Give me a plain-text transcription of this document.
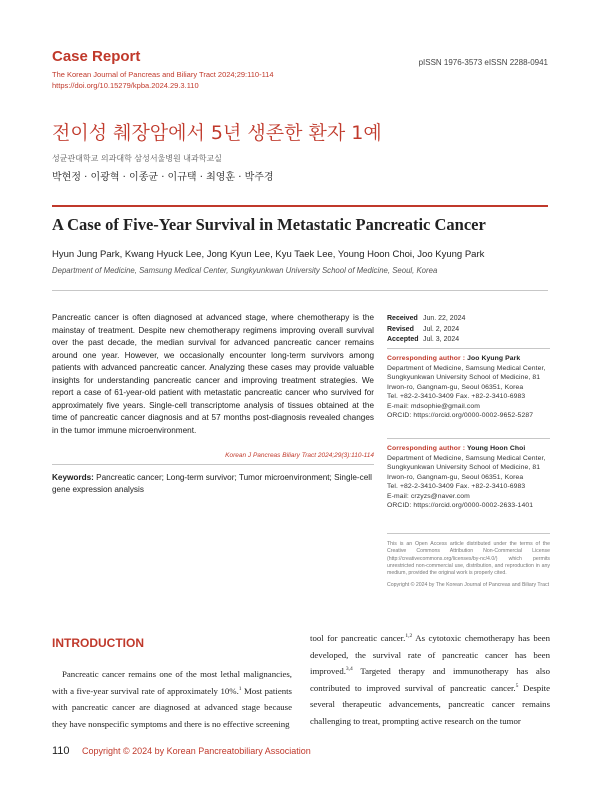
Case Report
The Korean Journal of Pancreas and Biliary Tract 2024;29:110-114
https://doi.org/10.15279/kpba.2024.29.3.110
pISSN 1976-3573 eISSN 2288-0941
전이성 췌장암에서 5년 생존한 환자 1예
성균관대학교 의과대학 삼성서울병원 내과학교실
박현정 · 이광혁 · 이종균 · 이규택 · 최영훈 · 박주경
A Case of Five-Year Survival in Metastatic Pancreatic Cancer
Hyun Jung Park, Kwang Hyuck Lee, Jong Kyun Lee, Kyu Taek Lee, Young Hoon Choi, Joo Kyung Park
Department of Medicine, Samsung Medical Center, Sungkyunkwan University School of Medicine, Seoul, Korea
Pancreatic cancer is often diagnosed at advanced stage, where chemotherapy is the mainstay of treatment. Despite new chemotherapy regimens improving overall survival over the past decade, the median survival for advanced pancreatic cancer remains around one year. However, we occasionally encounter long-term survivors among patients with advanced pancreatic cancer. Analyzing these cases may provide valuable insights for understanding pancreatic cancer and improving treatment strategies. We report a case of 61-year-old patient with metastatic pancreatic cancer who survived for approximately five years. Single-cell transcriptome analysis of tissues obtained at the time of pancreatic cancer diagnosis and at 57 months post-diagnosis revealed changes in the tumor immune microenvironment.
Korean J Pancreas Biliary Tract 2024;29(3):110-114
Keywords: Pancreatic cancer; Long-term survivor; Tumor microenvironment; Single-cell gene expression analysis
Received Jun. 22, 2024
Revised Jul. 2, 2024
Accepted Jul. 3, 2024
Corresponding author : Joo Kyung Park
Department of Medicine, Samsung Medical Center, Sungkyunkwan University School of Medicine, 81 Irwon-ro, Gangnam-gu, Seoul 06351, Korea
Tel. +82-2-3410-3409 Fax. +82-2-3410-6983
E-mail: mdsophie@gmail.com
ORCID: https://orcid.org/0000-0002-9652-5287
Corresponding author : Young Hoon Choi
Department of Medicine, Samsung Medical Center, Sungkyunkwan University School of Medicine, 81 Irwon-ro, Gangnam-gu, Seoul 06351, Korea
Tel. +82-2-3410-3409 Fax. +82-2-3410-6983
E-mail: crzyzs@naver.com
ORCID: https://orcid.org/0000-0002-2633-1401
This is an Open Access article distributed under the terms of the Creative Commons Attribution Non-Commercial License (http://creativecommons.org/licenses/by-nc/4.0/) which permits unrestricted non-commercial use, distribution, and reproduction in any medium, provided the original work is properly cited.
Copyright © 2024 by The Korean Journal of Pancreas and Biliary Tract
INTRODUCTION

Pancreatic cancer remains one of the most lethal malignancies, with a five-year survival rate of approximately 10%.$^1$ Most patients with pancreatic cancer are diagnosed at advanced stage because they have nonspecific symptoms and there is no effective screening

tool for pancreatic cancer.$^{1,2}$ As cytotoxic chemotherapy has been developed, the survival rate of pancreatic cancer has been improved.$^{3,4}$ Targeted therapy and immunotherapy has also contributed to improved survival of pancreatic cancer.$^5$ Despite several therapeutic advancements, pancreatic cancer remains challenging to treat, prompting active research on the tumor

110 Copyright © 2024 by Korean Pancreatobiliary Association
